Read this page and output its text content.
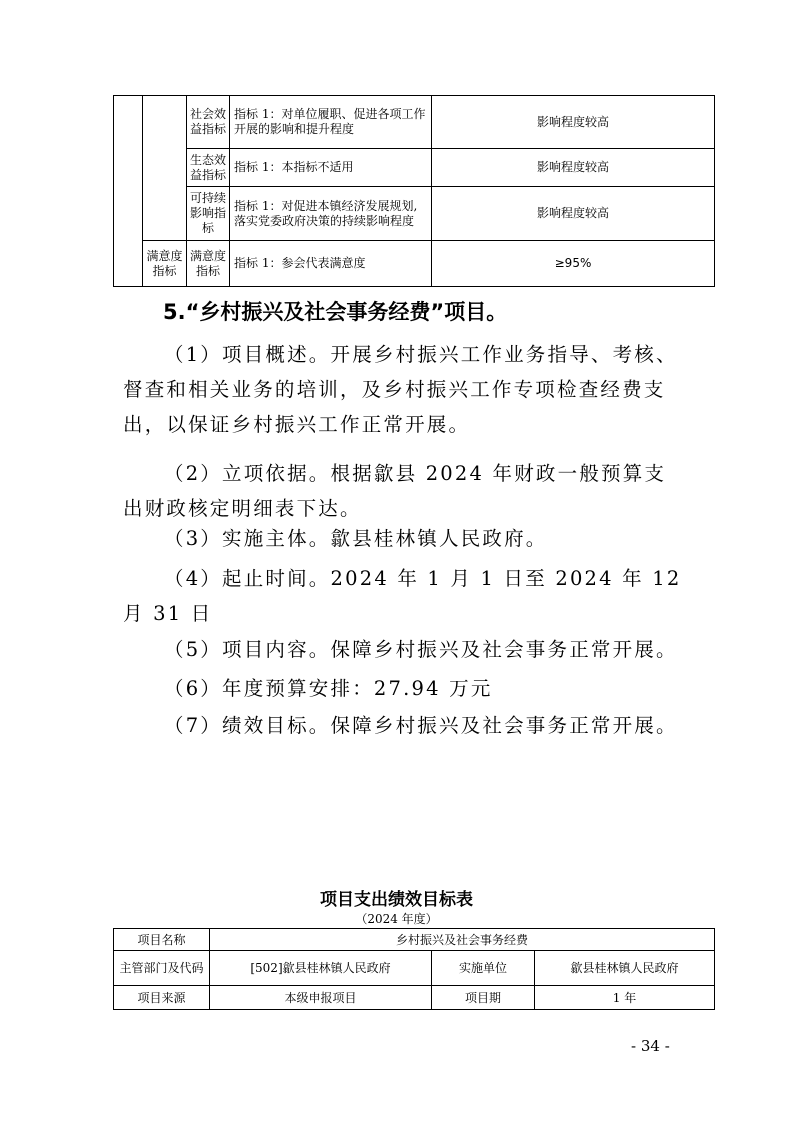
		社会效益指标	指标 1：对单位履职、促进各项工作开展的影响和提升程度	影响程度较高
		生态效益指标	指标 1：本指标不适用	影响程度较高
		可持续影响指标	指标 1：对促进本镇经济发展规划,落实党委政府决策的持续影响程度	影响程度较高
	满意度指标	满意度指标	指标 1：参会代表满意度	≥95%
5.“乡村振兴及社会事务经费”项目。

（1）项目概述。开展乡村振兴工作业务指导、考核、督查和相关业务的培训，及乡村振兴工作专项检查经费支出，以保证乡村振兴工作正常开展。

（2）立项依据。根据歙县 2024 年财政一般预算支出财政核定明细表下达。

（3）实施主体。歙县桂林镇人民政府。

（4）起止时间。2024 年 1 月 1 日至 2024 年 12 月 31 日

（5）项目内容。保障乡村振兴及社会事务正常开展。

（6）年度预算安排：27.94 万元

（7）绩效目标。保障乡村振兴及社会事务正常开展。

项目支出绩效目标表

（2024 年度）

项目名称	乡村振兴及社会事务经费		
主管部门及代码	[502]歙县桂林镇人民政府	实施单位	歙县桂林镇人民政府
项目来源	本级申报项目	项目期	1 年

- 34 -
